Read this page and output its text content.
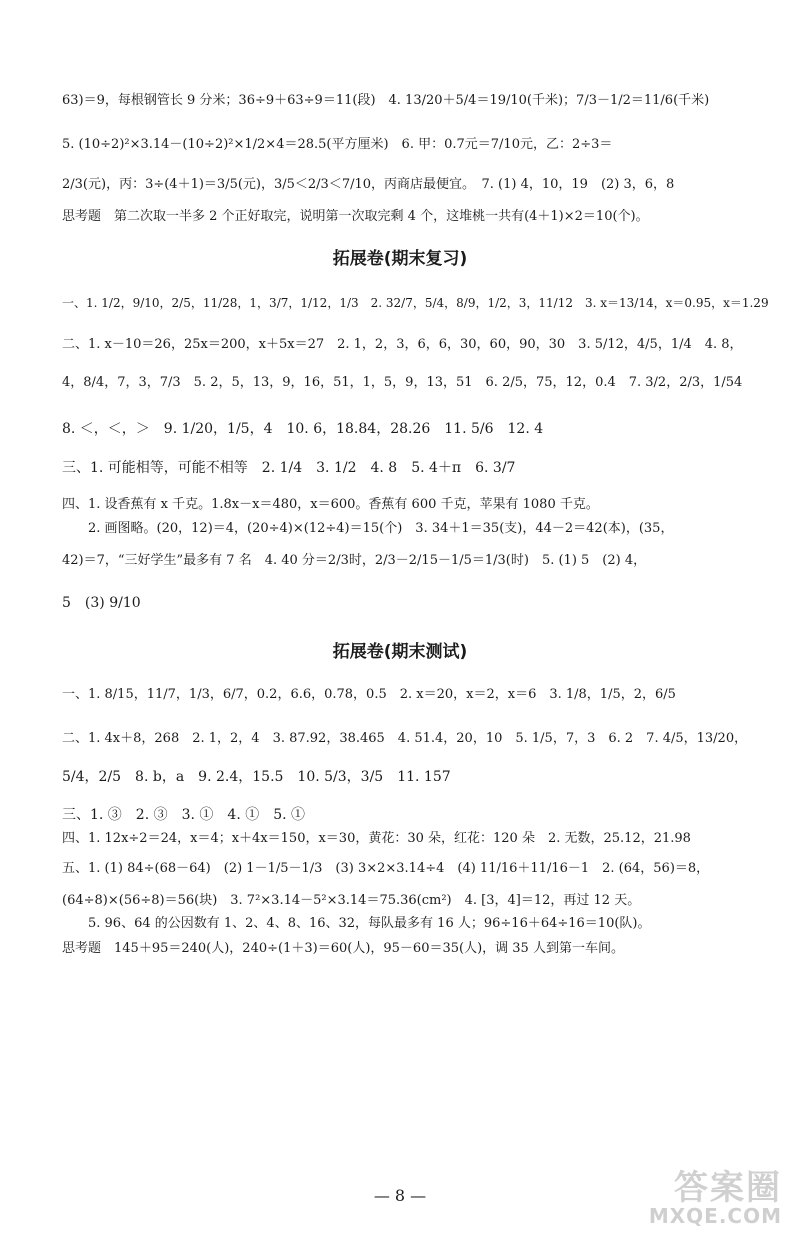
63)＝9，每根钢管长 9 分米；36÷9＋63÷9＝11(段)　4. 13/20＋5/4＝19/10(千米)；7/3－1/2＝11/6(千米)
5. (10÷2)²×3.14－(10÷2)²×1/2×4＝28.5(平方厘米)　6. 甲：0.7元＝7/10元，乙：2÷3＝
2/3(元)，丙：3÷(4＋1)＝3/5(元)，3/5＜2/3＜7/10，丙商店最便宜。　7. (1) 4，10，19　(2) 3，6，8
思考题　第二次取一半多 2 个正好取完，说明第一次取完剩 4 个，这堆桃一共有(4＋1)×2＝10(个)。
拓展卷(期末复习)
一、1. 1/2，9/10，2/5，11/28，1，3/7，1/12，1/3　2. 32/7，5/4，8/9，1/2，3，11/12　3. x＝13/14，x＝0.95，x＝1.29
二、1. x－10＝26，25x＝200，x＋5x＝27　2. 1，2，3，6，6，30，60，90，30　3. 5/12，4/5，1/4　4. 8，
4，8/4，7，3，7/3　5. 2，5，13，9，16，51，1，5，9，13，51　6. 2/5，75，12，0.4　7. 3/2，2/3，1/54
8. ＜，＜，＞　9. 1/20，1/5，4　10. 6，18.84，28.26　11. 5/6　12. 4
三、1. 可能相等，可能不相等　2. 1/4　3. 1/2　4. 8　5. 4＋π　6. 3/7
四、1. 设香蕉有 x 千克。1.8x－x＝480，x＝600。香蕉有 600 千克，苹果有 1080 千克。
　　2. 画图略。(20，12)＝4，(20÷4)×(12÷4)＝15(个)　3. 34＋1＝35(支)，44－2＝42(本)，(35，
42)＝7，“三好学生”最多有 7 名　4. 40 分＝2/3时，2/3－2/15－1/5＝1/3(时)　5. (1) 5　(2) 4，
5　(3) 9/10
拓展卷(期末测试)
一、1. 8/15，11/7，1/3，6/7，0.2，6.6，0.78，0.5　2. x＝20，x＝2，x＝6　3. 1/8，1/5，2，6/5
二、1. 4x＋8，268　2. 1，2，4　3. 87.92，38.465　4. 51.4，20，10　5. 1/5，7，3　6. 2　7. 4/5，13/20，
5/4，2/5　8. b，a　9. 2.4，15.5　10. 5/3，3/5　11. 157
三、1. ③　2. ③　3. ①　4. ①　5. ①
四、1. 12x÷2＝24，x＝4；x＋4x＝150，x＝30，黄花：30 朵，红花：120 朵　2. 无数，25.12，21.98
五、1. (1) 84÷(68－64)　(2) 1－1/5－1/3　(3) 3×2×3.14÷4　(4) 11/16＋11/16－1　2. (64，56)＝8，
(64÷8)×(56÷8)＝56(块)　3. 7²×3.14－5²×3.14＝75.36(cm²)　4. [3，4]＝12，再过 12 天。
　　5. 96、64 的公因数有 1、2、4、8、16、32，每队最多有 16 人；96÷16＋64÷16＝10(队)。
思考题　145＋95＝240(人)，240÷(1＋3)＝60(人)，95－60＝35(人)，调 35 人到第一车间。
— 8 —	答案圈
MXQE.COM
